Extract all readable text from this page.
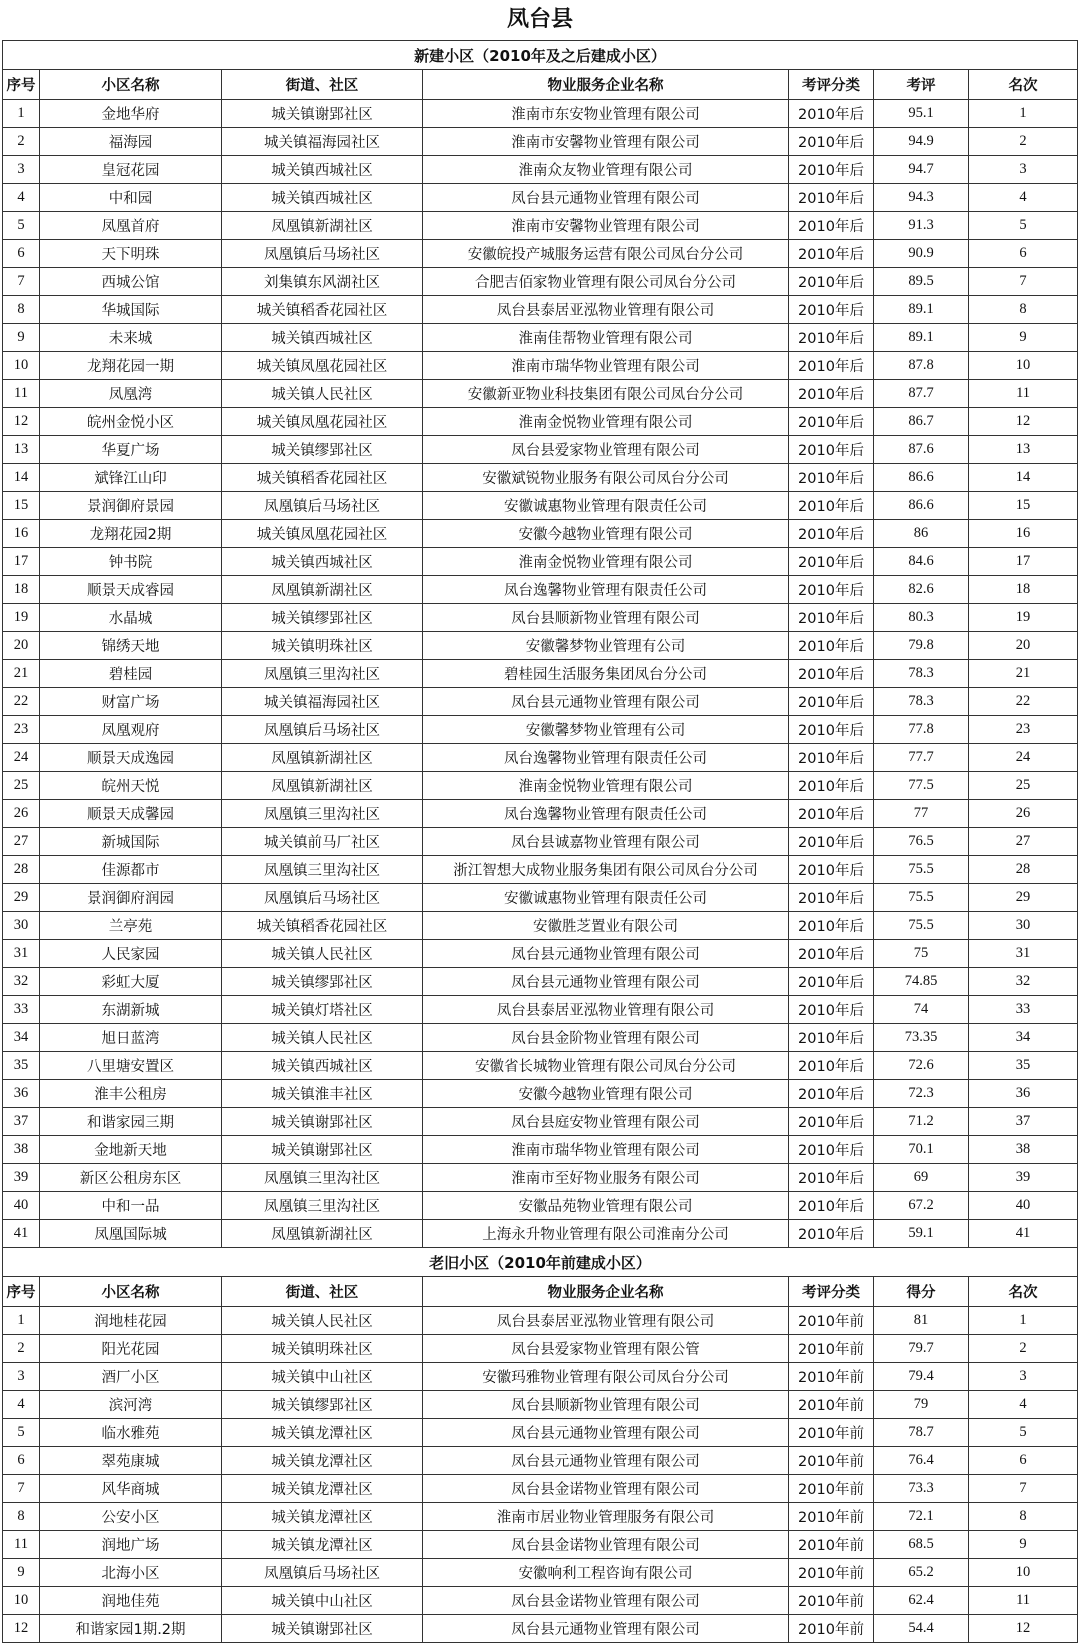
凤台县
新建小区（2010年及之后建成小区）						
序号	小区名称	街道、社区	物业服务企业名称	考评分类	考评	名次
1	金地华府	城关镇谢郢社区	淮南市东安物业管理有限公司	2010年后	95.1	1
2	福海园	城关镇福海园社区	淮南市安馨物业管理有限公司	2010年后	94.9	2
3	皇冠花园	城关镇西城社区	淮南众友物业管理有限公司	2010年后	94.7	3
4	中和园	城关镇西城社区	凤台县元通物业管理有限公司	2010年后	94.3	4
5	凤凰首府	凤凰镇新湖社区	淮南市安馨物业管理有限公司	2010年后	91.3	5
6	天下明珠	凤凰镇后马场社区	安徽皖投产城服务运营有限公司凤台分公司	2010年后	90.9	6
7	西城公馆	刘集镇东风湖社区	合肥吉佰家物业管理有限公司凤台分公司	2010年后	89.5	7
8	华城国际	城关镇稻香花园社区	凤台县泰居亚泓物业管理有限公司	2010年后	89.1	8
9	未来城	城关镇西城社区	淮南佳帮物业管理有限公司	2010年后	89.1	9
10	龙翔花园一期	城关镇凤凰花园社区	淮南市瑞华物业管理有限公司	2010年后	87.8	10
11	凤凰湾	城关镇人民社区	安徽新亚物业科技集团有限公司凤台分公司	2010年后	87.7	11
12	皖州金悦小区	城关镇凤凰花园社区	淮南金悦物业管理有限公司	2010年后	86.7	12
13	华夏广场	城关镇缪郢社区	凤台县爱家物业管理有限公司	2010年后	87.6	13
14	斌锋江山印	城关镇稻香花园社区	安徽斌锐物业服务有限公司凤台分公司	2010年后	86.6	14
15	景润御府景园	凤凰镇后马场社区	安徽诚惠物业管理有限责任公司	2010年后	86.6	15
16	龙翔花园2期	城关镇凤凰花园社区	安徽今越物业管理有限公司	2010年后	86	16
17	钟书院	城关镇西城社区	淮南金悦物业管理有限公司	2010年后	84.6	17
18	顺景天成睿园	凤凰镇新湖社区	凤台逸馨物业管理有限责任公司	2010年后	82.6	18
19	水晶城	城关镇缪郢社区	凤台县顺新物业管理有限公司	2010年后	80.3	19
20	锦绣天地	城关镇明珠社区	安徽馨梦物业管理有公司	2010年后	79.8	20
21	碧桂园	凤凰镇三里沟社区	碧桂园生活服务集团凤台分公司	2010年后	78.3	21
22	财富广场	城关镇福海园社区	凤台县元通物业管理有限公司	2010年后	78.3	22
23	凤凰观府	凤凰镇后马场社区	安徽馨梦物业管理有公司	2010年后	77.8	23
24	顺景天成逸园	凤凰镇新湖社区	凤台逸馨物业管理有限责任公司	2010年后	77.7	24
25	皖州天悦	凤凰镇新湖社区	淮南金悦物业管理有限公司	2010年后	77.5	25
26	顺景天成馨园	凤凰镇三里沟社区	凤台逸馨物业管理有限责任公司	2010年后	77	26
27	新城国际	城关镇前马厂社区	凤台县诚嘉物业管理有限公司	2010年后	76.5	27
28	佳源都市	凤凰镇三里沟社区	浙江智想大成物业服务集团有限公司凤台分公司	2010年后	75.5	28
29	景润御府润园	凤凰镇后马场社区	安徽诚惠物业管理有限责任公司	2010年后	75.5	29
30	兰亭苑	城关镇稻香花园社区	安徽胜芝置业有限公司	2010年后	75.5	30
31	人民家园	城关镇人民社区	凤台县元通物业管理有限公司	2010年后	75	31
32	彩虹大厦	城关镇缪郢社区	凤台县元通物业管理有限公司	2010年后	74.85	32
33	东湖新城	城关镇灯塔社区	凤台县泰居亚泓物业管理有限公司	2010年后	74	33
34	旭日蓝湾	城关镇人民社区	凤台县金阶物业管理有限公司	2010年后	73.35	34
35	八里塘安置区	城关镇西城社区	安徽省长城物业管理有限公司凤台分公司	2010年后	72.6	35
36	淮丰公租房	城关镇淮丰社区	安徽今越物业管理有限公司	2010年后	72.3	36
37	和谐家园三期	城关镇谢郢社区	凤台县庭安物业管理有限公司	2010年后	71.2	37
38	金地新天地	城关镇谢郢社区	淮南市瑞华物业管理有限公司	2010年后	70.1	38
39	新区公租房东区	凤凰镇三里沟社区	淮南市至好物业服务有限公司	2010年后	69	39
40	中和一品	凤凰镇三里沟社区	安徽品苑物业管理有限公司	2010年后	67.2	40
41	凤凰国际城	凤凰镇新湖社区	上海永升物业管理有限公司淮南分公司	2010年后	59.1	41
老旧小区（2010年前建成小区）						
序号	小区名称	街道、社区	物业服务企业名称	考评分类	得分	名次
1	润地桂花园	城关镇人民社区	凤台县泰居亚泓物业管理有限公司	2010年前	81	1
2	阳光花园	城关镇明珠社区	凤台县爱家物业管理有限公管	2010年前	79.7	2
3	酒厂小区	城关镇中山社区	安徽玛雅物业管理有限公司凤台分公司	2010年前	79.4	3
4	滨河湾	城关镇缪郢社区	凤台县顺新物业管理有限公司	2010年前	79	4
5	临水雅苑	城关镇龙潭社区	凤台县元通物业管理有限公司	2010年前	78.7	5
6	翠苑康城	城关镇龙潭社区	凤台县元通物业管理有限公司	2010年前	76.4	6
7	风华商城	城关镇龙潭社区	凤台县金诺物业管理有限公司	2010年前	73.3	7
8	公安小区	城关镇龙潭社区	淮南市居业物业管理服务有限公司	2010年前	72.1	8
11	润地广场	城关镇龙潭社区	凤台县金诺物业管理有限公司	2010年前	68.5	9
9	北海小区	凤凰镇后马场社区	安徽响利工程咨询有限公司	2010年前	65.2	10
10	润地佳苑	城关镇中山社区	凤台县金诺物业管理有限公司	2010年前	62.4	11
12	和谐家园1期.2期	城关镇谢郢社区	凤台县元通物业管理有限公司	2010年前	54.4	12
